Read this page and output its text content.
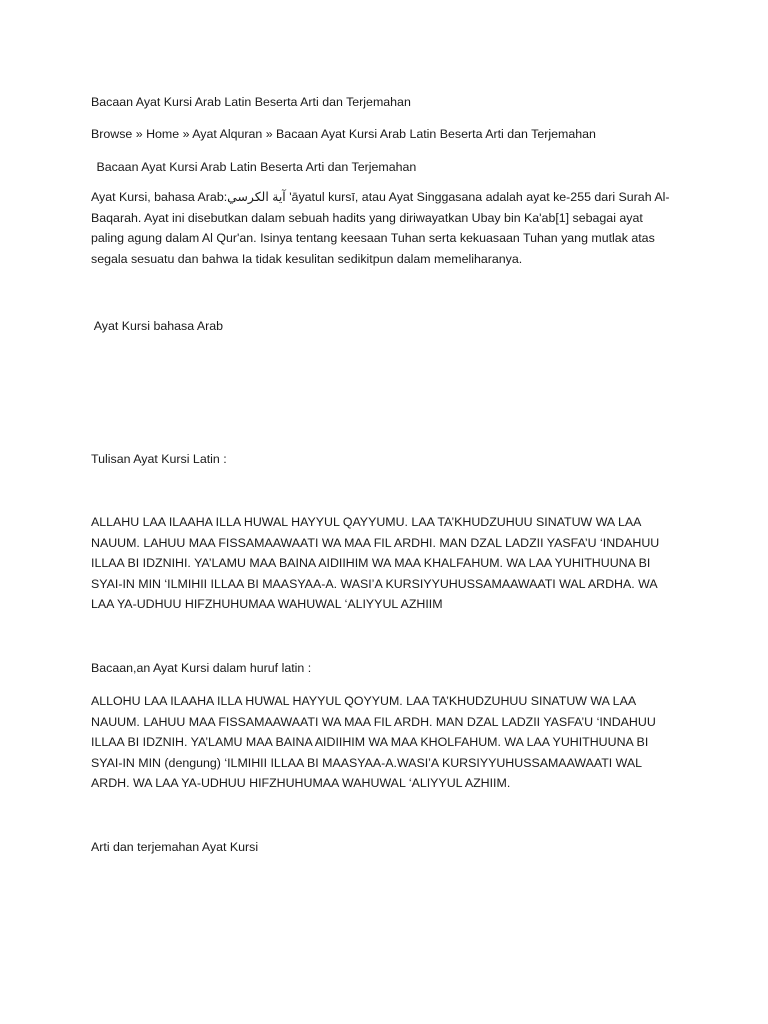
Bacaan Ayat Kursi Arab Latin Beserta Arti dan Terjemahan

Browse » Home » Ayat Alquran » Bacaan Ayat Kursi Arab Latin Beserta Arti dan Terjemahan

Bacaan Ayat Kursi Arab Latin Beserta Arti dan Terjemahan

Ayat Kursi, bahasa Arab:آية الكرسي 'āyatul kursī, atau Ayat Singgasana adalah ayat ke-255 dari Surah Al-Baqarah. Ayat ini disebutkan dalam sebuah hadits yang diriwayatkan Ubay bin Ka'ab[1] sebagai ayat paling agung dalam Al Qur'an. Isinya tentang keesaan Tuhan serta kekuasaan Tuhan yang mutlak atas segala sesuatu dan bahwa Ia tidak kesulitan sedikitpun dalam memeliharanya.

Ayat Kursi bahasa Arab

Tulisan Ayat Kursi Latin :

ALLAHU LAA ILAAHA ILLA HUWAL HAYYUL QAYYUMU. LAA TA’KHUDZUHUU SINATUW WA LAA NAUUM. LAHUU MAA FISSAMAAWAATI WA MAA FIL ARDHI. MAN DZAL LADZII YASFA’U ‘INDAHUU ILLAA BI IDZNIHI. YA’LAMU MAA BAINA AIDIIHIM WA MAA KHALFAHUM. WA LAA YUHITHUUNA BI SYAI-IN MIN ‘ILMIHII ILLAA BI MAASYAA-A. WASI’A KURSIYYUHUSSAMAAWAATI WAL ARDHA. WA LAA YA-UDHUU HIFZHUHUMAA WAHUWAL ‘ALIYYUL AZHIIM

Bacaan,an Ayat Kursi dalam huruf latin :

ALLOHU LAA ILAAHA ILLA HUWAL HAYYUL QOYYUM. LAA TA’KHUDZUHUU SINATUW WA LAA NAUUM. LAHUU MAA FISSAMAAWAATI WA MAA FIL ARDH. MAN DZAL LADZII YASFA’U ‘INDAHUU ILLAA BI IDZNIH. YA’LAMU MAA BAINA AIDIIHIM WA MAA KHOLFAHUM. WA LAA YUHITHUUNA BI SYAI-IN MIN (dengung) ‘ILMIHII ILLAA BI MAASYAA-A.WASI’A KURSIYYUHUSSAMAAWAATI WAL ARDH. WA LAA YA-UDHUU HIFZHUHUMAA WAHUWAL ‘ALIYYUL AZHIIM.

Arti dan terjemahan Ayat Kursi
